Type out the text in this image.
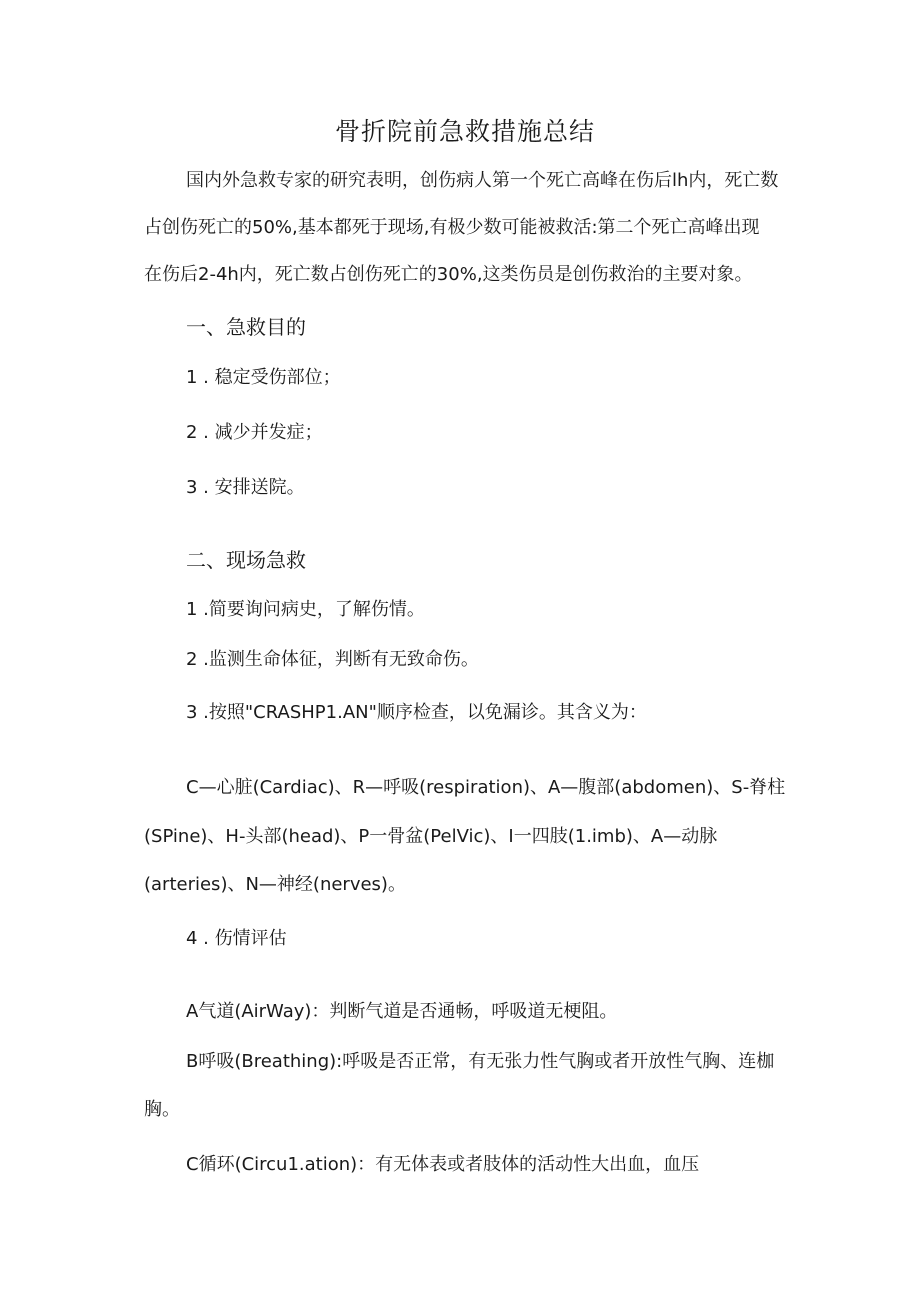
骨折院前急救措施总结
国内外急救专家的研究表明，创伤病人第一个死亡高峰在伤后lh内，死亡数
占创伤死亡的50%,基本都死于现场,有极少数可能被救活:第二个死亡高峰出现
在伤后2-4h内，死亡数占创伤死亡的30%,这类伤员是创伤救治的主要对象。
一、急救目的
1 . 稳定受伤部位；
2 . 减少并发症；
3 . 安排送院。
二、现场急救
1 .简要询问病史，了解伤情。
2 .监测生命体征，判断有无致命伤。
3 .按照"CRASHP1.AN"顺序检查，以免漏诊。其含义为：
C—心脏(Cardiac)、R—呼吸(respiration)、A—腹部(abdomen)、S-脊柱
(SPine)、H-头部(head)、P一骨盆(PelVic)、I一四肢(1.imb)、A—动脉
(arteries)、N—神经(nerves)。
4 . 伤情评估
A气道(AirWay)：判断气道是否通畅，呼吸道无梗阻。
B呼吸(Breathing):呼吸是否正常，有无张力性气胸或者开放性气胸、连枷
胸。
C循环(Circu1.ation)：有无体表或者肢体的活动性大出血，血压
